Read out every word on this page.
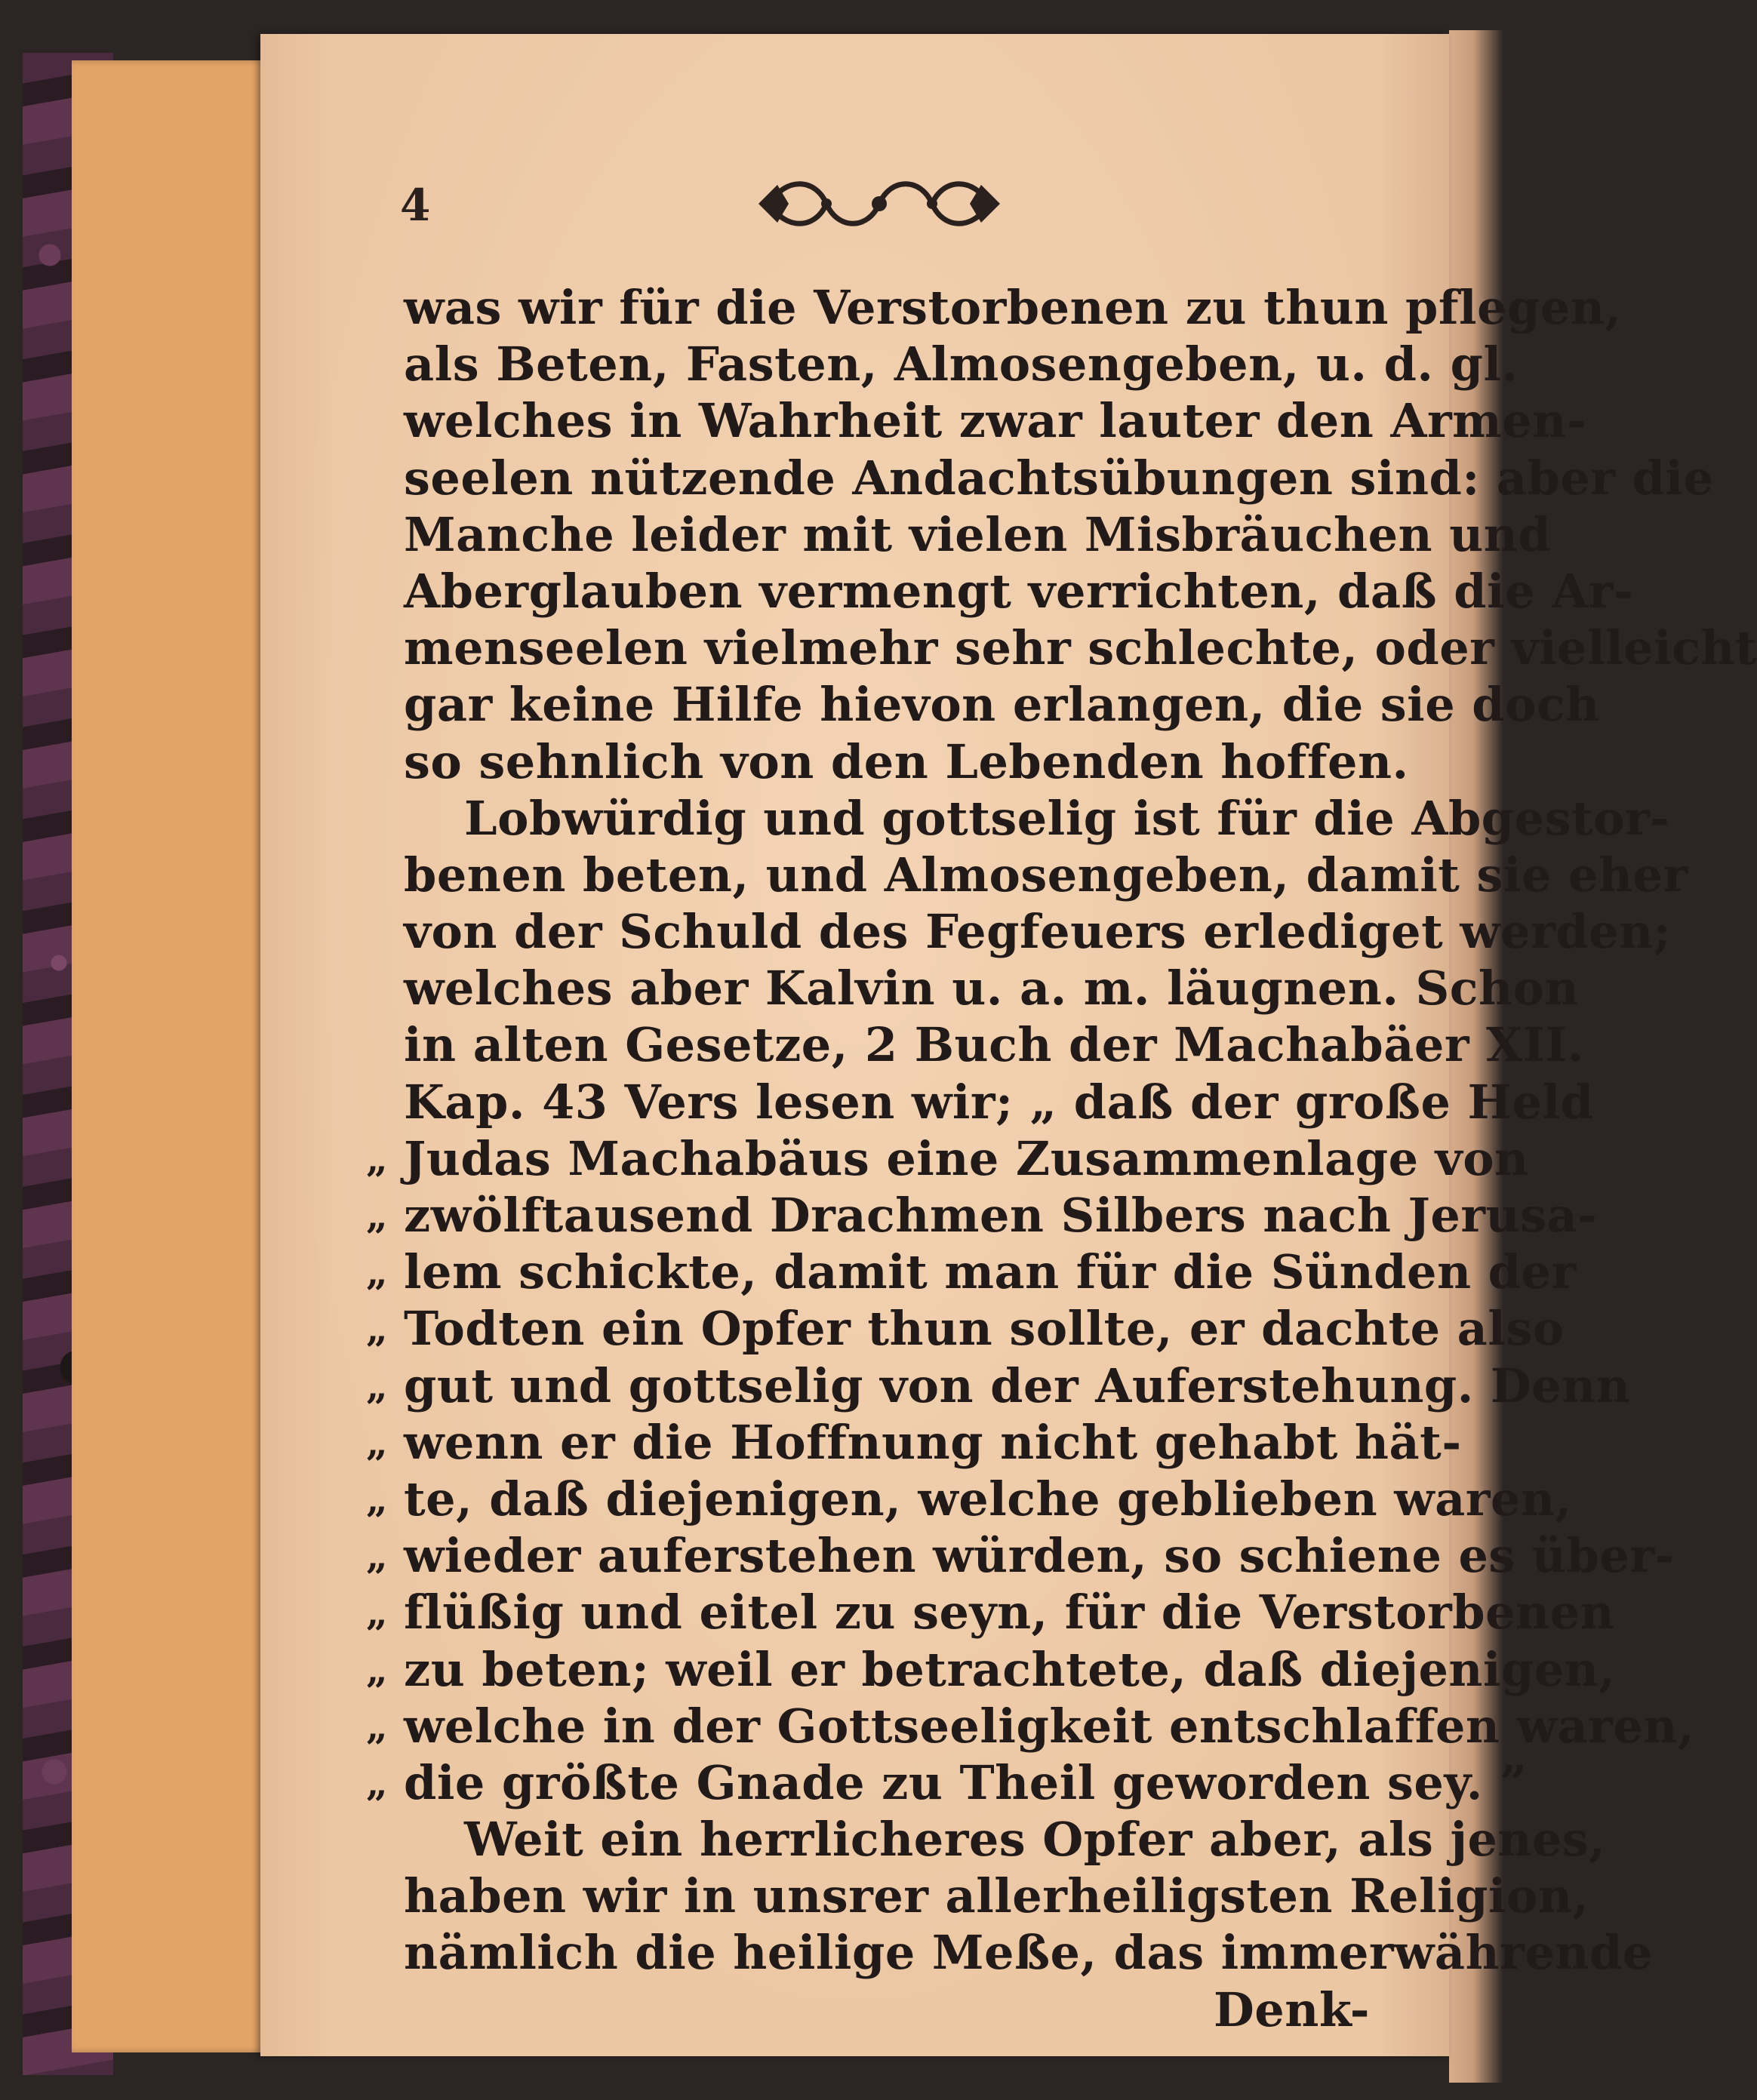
4
was wir für die Verstorbenen zu thun pflegen,
als Beten, Fasten, Almosengeben, u. d. gl.
welches in Wahrheit zwar lauter den Armen-
seelen nützende Andachtsübungen sind: aber die
Manche leider mit vielen Misbräuchen und
Aberglauben vermengt verrichten, daß die Ar-
menseelen vielmehr sehr schlechte, oder vielleicht
gar keine Hilfe hievon erlangen, die sie doch
so sehnlich von den Lebenden hoffen.
Lobwürdig und gottselig ist für die Abgestor-
benen beten, und Almosengeben, damit sie eher
von der Schuld des Fegfeuers erlediget werden;
welches aber Kalvin u. a. m. läugnen. Schon
in alten Gesetze, 2 Buch der Machabäer XII.
Kap. 43 Vers lesen wir; „ daß der große Held
„ Judas Machabäus eine Zusammenlage von
„ zwölftausend Drachmen Silbers nach Jerusa-
„ lem schickte, damit man für die Sünden der
„ Todten ein Opfer thun sollte, er dachte also
„ gut und gottselig von der Auferstehung. Denn
„ wenn er die Hoffnung nicht gehabt hät-
„ te, daß diejenigen, welche geblieben waren,
„ wieder auferstehen würden, so schiene es über-
„ flüßig und eitel zu seyn, für die Verstorbenen
„ zu beten; weil er betrachtete, daß diejenigen,
„ welche in der Gottseeligkeit entschlaffen waren,
„ die größte Gnade zu Theil geworden sey. ”
Weit ein herrlicheres Opfer aber, als jenes,
haben wir in unsrer allerheiligsten Religion,
nämlich die heilige Meße, das immerwährende
Denk-
